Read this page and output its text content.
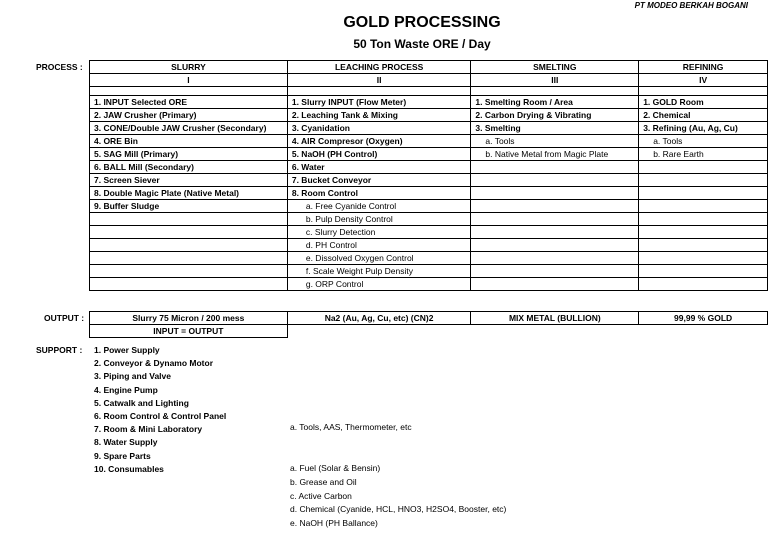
PT MODEO BERKAH BOGANI
GOLD PROCESSING
50 Ton Waste ORE / Day
PROCESS :
OUTPUT :
SUPPORT :
SLURRY	LEACHING PROCESS	SMELTING	REFINING
I	II	III	IV

1. INPUT Selected ORE	1. Slurry INPUT (Flow Meter)	1. Smelting Room / Area	1. GOLD Room
2. JAW Crusher (Primary)	2. Leaching Tank & Mixing	2. Carbon Drying & Vibrating	2. Chemical
3. CONE/Double JAW Crusher (Secondary)	3. Cyanidation	3. Smelting	3. Refining (Au, Ag, Cu)
4. ORE Bin	4. AIR Compresor (Oxygen)	a. Tools	a. Tools
5. SAG Mill (Primary)	5. NaOH (PH Control)	b. Native Metal from Magic Plate	b. Rare Earth
6. BALL Mill (Secondary)	6. Water		
7. Screen Siever	7. Bucket Conveyor		
8. Double Magic Plate (Native Metal)	8. Room Control		
9. Buffer Sludge	a. Free Cyanide Control		
	b. Pulp Density Control		
	c. Slurry Detection		
	d. PH Control		
	e. Dissolved Oxygen Control		
	f. Scale Weight Pulp Density		
	g. ORP Control		
Slurry 75 Micron / 200 mess	Na2 (Au, Ag, Cu, etc) (CN)2	MIX METAL (BULLION)	99,99 % GOLD
INPUT = OUTPUT			
1. Power Supply
2. Conveyor & Dynamo Motor
3. Piping and Valve
4. Engine Pump
5. Catwalk and Lighting
6. Room Control & Control Panel
7. Room & Mini Laboratory
8. Water Supply
9. Spare Parts
10. Consumables
a. Tools, AAS, Thermometer, etc
a. Fuel (Solar & Bensin)
b. Grease and Oil
c. Active Carbon
d. Chemical (Cyanide, HCL, HNO3, H2SO4, Booster, etc)
e. NaOH (PH Ballance)
